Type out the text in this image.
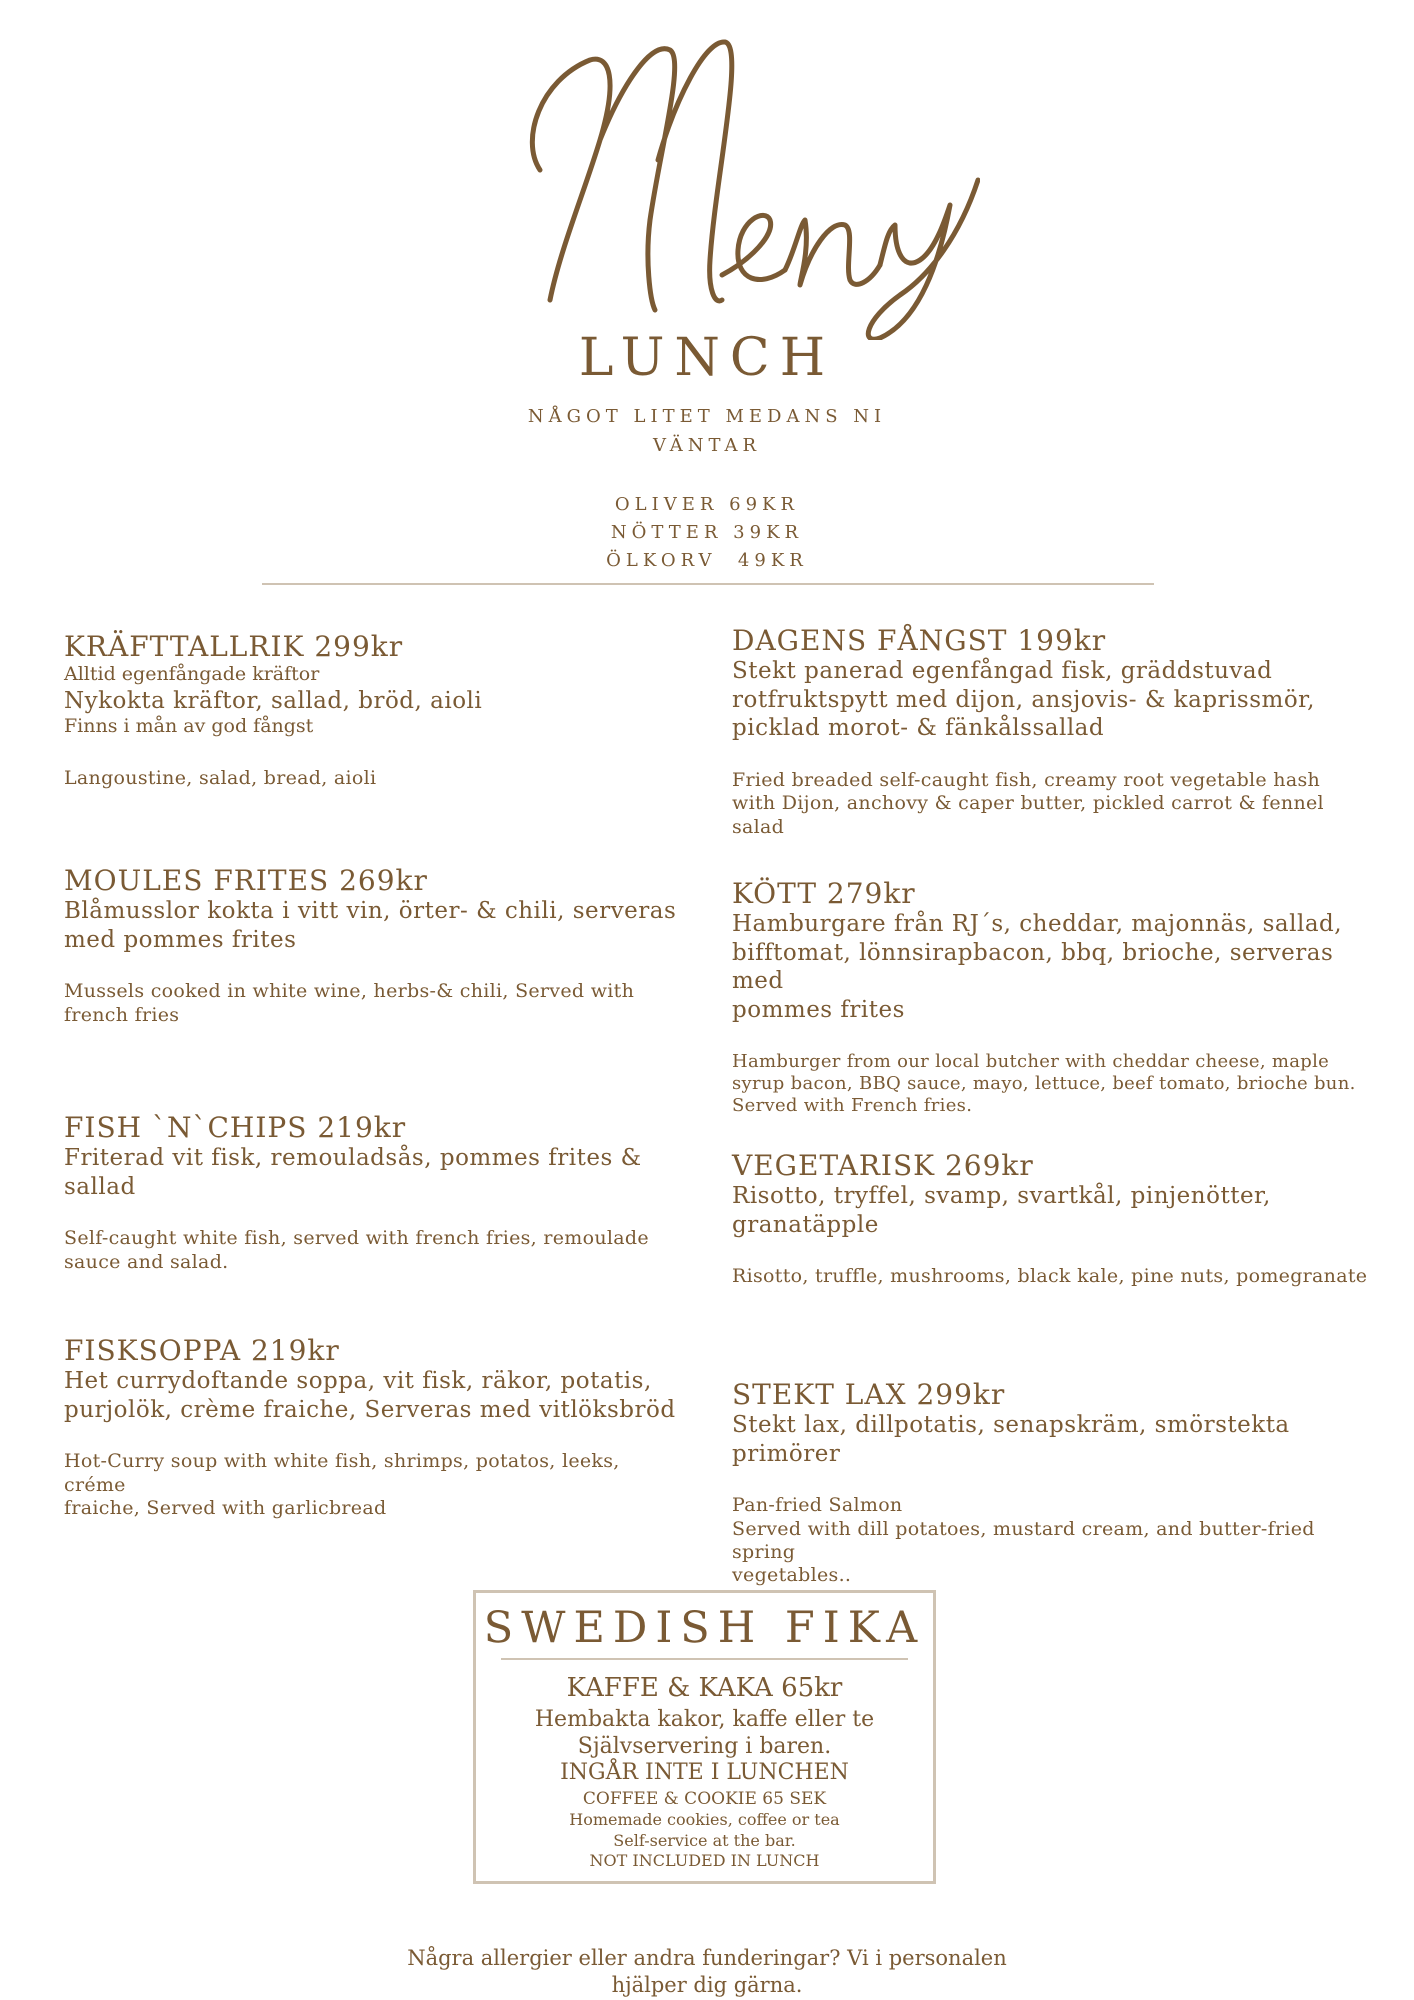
LUNCH
NÅGOT LITET MEDANS NI
VÄNTAR
OLIVER 69KR
NÖTTER 39KR
ÖLKORV  49KR
KRÄFTTALLRIK 299kr
Alltid egenfångade kräftor
Nykokta kräftor, sallad, bröd, aioli
Finns i mån av god fångst
Langoustine, salad, bread, aioli
MOULES FRITES 269kr
Blåmusslor kokta i vitt vin, örter- & chili, serveras
med pommes frites
Mussels cooked in white wine, herbs-& chili, Served with
french fries
FISH `N`CHIPS 219kr
Friterad vit fisk, remouladsås, pommes frites &
sallad
Self-caught white fish, served with french fries, remoulade
sauce and salad.
FISKSOPPA 219kr
Het currydoftande soppa, vit fisk, räkor, potatis,
purjolök, crème fraiche, Serveras med vitlöksbröd
Hot-Curry soup with white fish, shrimps, potatos, leeks, créme
fraiche, Served with garlicbread
DAGENS FÅNGST 199kr
Stekt panerad egenfångad fisk, gräddstuvad
rotfruktspytt med dijon, ansjovis- & kaprissmör,
picklad morot- & fänkålssallad
Fried breaded self-caught fish, creamy root vegetable hash
with Dijon, anchovy & caper butter, pickled carrot & fennel
salad
KÖTT 279kr
Hamburgare från RJ´s, cheddar, majonnäs, sallad,
bifftomat, lönnsirapbacon, bbq, brioche, serveras med
pommes frites
Hamburger from our local butcher with cheddar cheese, maple
syrup bacon, BBQ sauce, mayo, lettuce, beef tomato, brioche bun.
Served with French fries.
VEGETARISK 269kr
Risotto, tryffel, svamp, svartkål, pinjenötter,
granatäpple
Risotto, truffle, mushrooms, black kale, pine nuts, pomegranate
STEKT LAX 299kr
Stekt lax, dillpotatis, senapskräm, smörstekta
primörer
Pan-fried Salmon
Served with dill potatoes, mustard cream, and butter-fried spring
vegetables..
SWEDISH FIKA
KAFFE & KAKA 65kr
Hembakta kakor, kaffe eller te
Självservering i baren.
INGÅR INTE I LUNCHEN
COFFEE & COOKIE 65 SEK
Homemade cookies, coffee or tea
Self-service at the bar.
NOT INCLUDED IN LUNCH
Några allergier eller andra funderingar? Vi i personalen
hjälper dig gärna.
